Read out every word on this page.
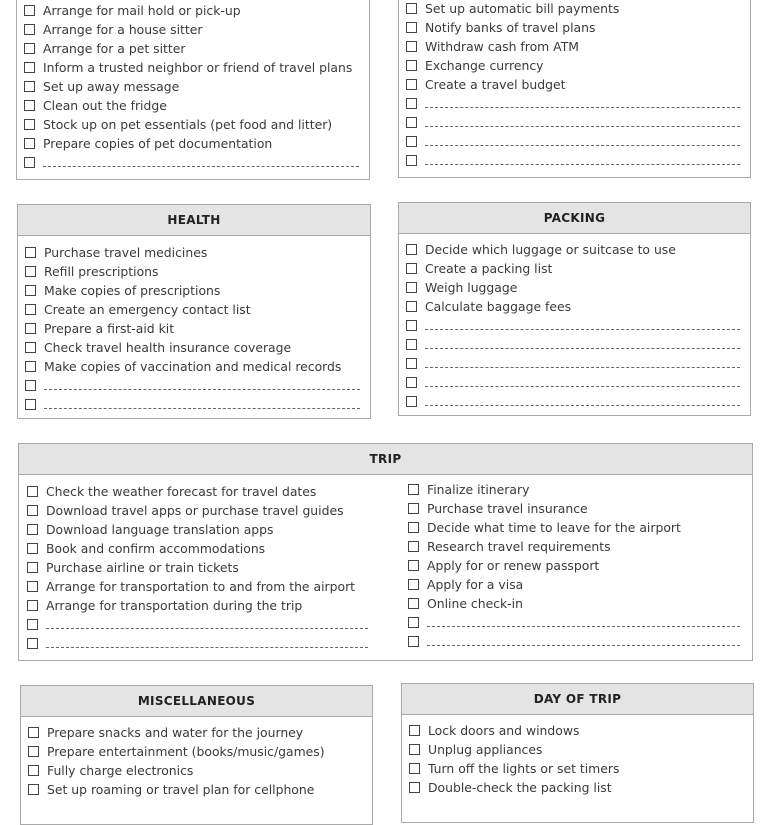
Arrange for mail hold or pick-up
Arrange for a house sitter
Arrange for a pet sitter
Inform a trusted neighbor or friend of travel plans
Set up away message
Clean out the fridge
Stock up on pet essentials (pet food and litter)
Prepare copies of pet documentation
Set up automatic bill payments
Notify banks of travel plans
Withdraw cash from ATM
Exchange currency
Create a travel budget
HEALTH
Purchase travel medicines
Refill prescriptions
Make copies of prescriptions
Create an emergency contact list
Prepare a first-aid kit
Check travel health insurance coverage
Make copies of vaccination and medical records
PACKING
Decide which luggage or suitcase to use
Create a packing list
Weigh luggage
Calculate baggage fees
TRIP
Check the weather forecast for travel dates
Download travel apps or purchase travel guides
Download language translation apps
Book and confirm accommodations
Purchase airline or train tickets
Arrange for transportation to and from the airport
Arrange for transportation during the trip
Finalize itinerary
Purchase travel insurance
Decide what time to leave for the airport
Research travel requirements
Apply for or renew passport
Apply for a visa
Online check-in
MISCELLANEOUS
Prepare snacks and water for the journey
Prepare entertainment (books/music/games)
Fully charge electronics
Set up roaming or travel plan for cellphone
DAY OF TRIP
Lock doors and windows
Unplug appliances
Turn off the lights or set timers
Double-check the packing list
